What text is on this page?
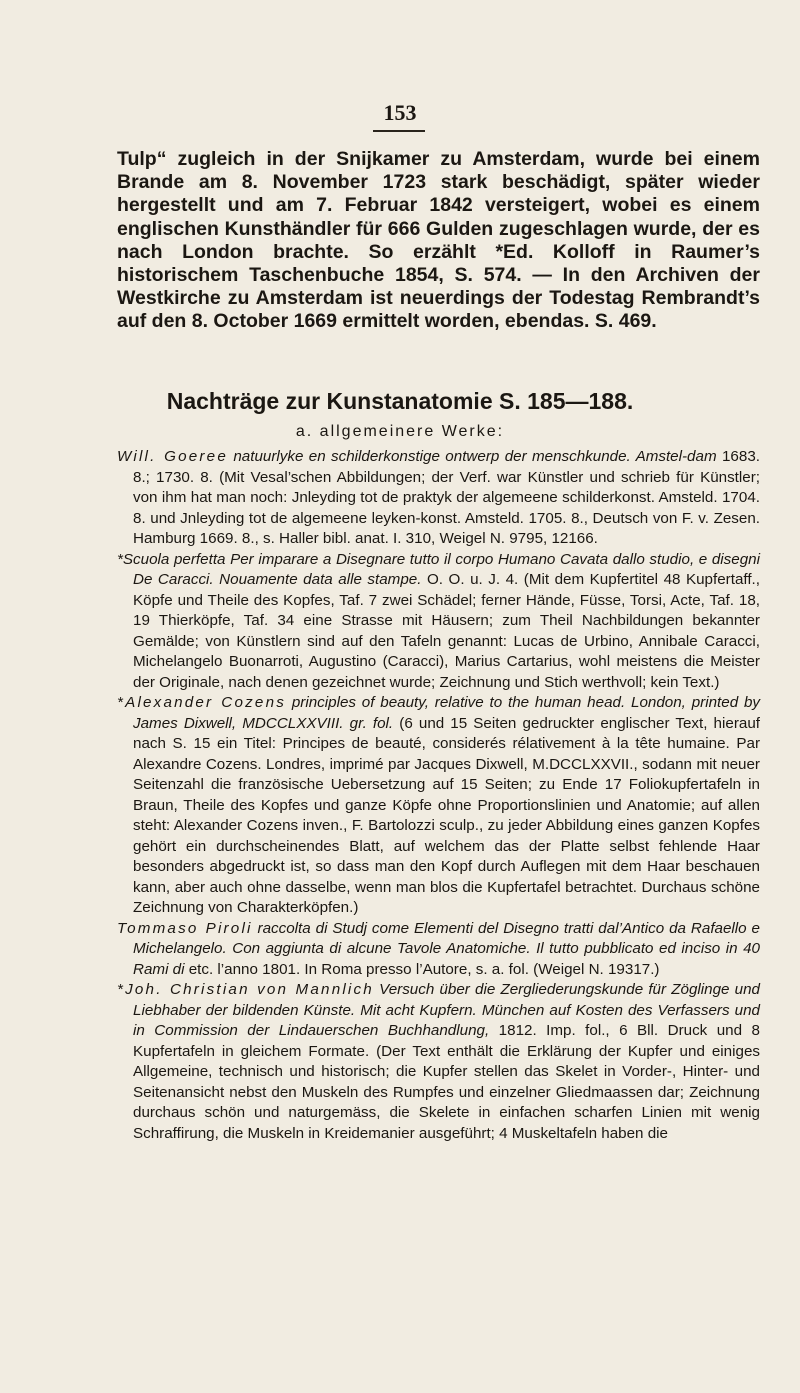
153

Tulp“ zugleich in der Snijkamer zu Amsterdam, wurde bei einem Brande am 8. November 1723 stark beschädigt, später wieder hergestellt und am 7. Februar 1842 versteigert, wobei es einem englischen Kunsthändler für 666 Gulden zugeschlagen wurde, der es nach London brachte. So erzählt *Ed. Kolloff in Raumer’s historischem Taschenbuche 1854, S. 574. — In den Archiven der Westkirche zu Amsterdam ist neuerdings der Todestag Rembrandt’s auf den 8. October 1669 ermittelt worden, ebendas. S. 469.

Nachträge zur Kunstanatomie S. 185—188.
a. allgemeinere Werke:

Will. Goeree natuurlyke en schilderkonstige ontwerp der menschkunde. Amstel-dam 1683. 8.; 1730. 8. (Mit Vesal’schen Abbildungen; der Verf. war Künstler und schrieb für Künstler; von ihm hat man noch: Jnleyding tot de praktyk der algemeene schilderkonst. Amsteld. 1704. 8. und Jnleyding tot de algemeene leyken-konst. Amsteld. 1705. 8., Deutsch von F. v. Zesen. Hamburg 1669. 8., s. Haller bibl. anat. I. 310, Weigel N. 9795, 12166.

*Scuola perfetta Per imparare a Disegnare tutto il corpo Humano Cavata dallo studio, e disegni De Caracci. Nouamente data alle stampe. O. O. u. J. 4. (Mit dem Kupfertitel 48 Kupfertaff., Köpfe und Theile des Kopfes, Taf. 7 zwei Schädel; ferner Hände, Füsse, Torsi, Acte, Taf. 18, 19 Thierköpfe, Taf. 34 eine Strasse mit Häusern; zum Theil Nachbildungen bekannter Gemälde; von Künstlern sind auf den Tafeln genannt: Lucas de Urbino, Annibale Caracci, Michelangelo Buonarroti, Augustino (Caracci), Marius Cartarius, wohl meistens die Meister der Originale, nach denen gezeichnet wurde; Zeichnung und Stich werthvoll; kein Text.)

*Alexander Cozens principles of beauty, relative to the human head. London, printed by James Dixwell, MDCCLXXVIII. gr. fol. (6 und 15 Seiten gedruckter englischer Text, hierauf nach S. 15 ein Titel: Principes de beauté, considerés rélativement à la tête humaine. Par Alexandre Cozens. Londres, imprimé par Jacques Dixwell, M.DCCLXXVII., sodann mit neuer Seitenzahl die französische Uebersetzung auf 15 Seiten; zu Ende 17 Foliokupfertafeln in Braun, Theile des Kopfes und ganze Köpfe ohne Proportionslinien und Anatomie; auf allen steht: Alexander Cozens inven., F. Bartolozzi sculp., zu jeder Abbildung eines ganzen Kopfes gehört ein durchscheinendes Blatt, auf welchem das der Platte selbst fehlende Haar besonders abgedruckt ist, so dass man den Kopf durch Auflegen mit dem Haar beschauen kann, aber auch ohne dasselbe, wenn man blos die Kupfertafel betrachtet. Durchaus schöne Zeichnung von Charakterköpfen.)

Tommaso Piroli raccolta di Studj come Elementi del Disegno tratti dal’Antico da Rafaello e Michelangelo. Con aggiunta di alcune Tavole Anatomiche. Il tutto pubblicato ed inciso in 40 Rami di etc. l’anno 1801. In Roma presso l’Autore, s. a. fol. (Weigel N. 19317.)

*Joh. Christian von Mannlich Versuch über die Zergliederungskunde für Zöglinge und Liebhaber der bildenden Künste. Mit acht Kupfern. München auf Kosten des Verfassers und in Commission der Lindauerschen Buchhandlung, 1812. Imp. fol., 6 Bll. Druck und 8 Kupfertafeln in gleichem Formate. (Der Text enthält die Erklärung der Kupfer und einiges Allgemeine, technisch und historisch; die Kupfer stellen das Skelet in Vorder-, Hinter- und Seitenansicht nebst den Muskeln des Rumpfes und einzelner Gliedmaassen dar; Zeichnung durchaus schön und naturgemäss, die Skelete in einfachen scharfen Linien mit wenig Schraffirung, die Muskeln in Kreidemanier ausgeführt; 4 Muskeltafeln haben die
